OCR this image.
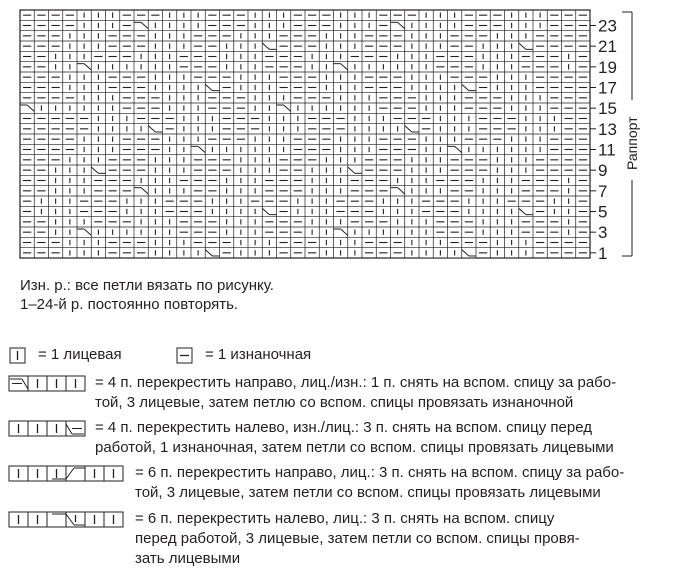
1
3
5
7
9
11
13
15
17
19
21
23
Раппорт
Изн. р.: все петли вязать по рисунку.
1–24-й р. постоянно повторять.
= 1 лицевая	= 1 изнаночная
= 4 п. перекрестить направо, лиц./изн.: 1 п. снять на вспом. спицу за рабо-
той, 3 лицевые, затем петлю со вспом. спицы провязать изнаночной
= 4 п. перекрестить налево, изн./лиц.: 3 п. снять на вспом. спицу перед
работой, 1 изнаночная, затем петли со вспом. спицы провязать лицевыми
= 6 п. перекрестить направо, лиц.: 3 п. снять на вспом. спицу за рабо-
той, 3 лицевые, затем петли со вспом. спицы провязать лицевыми
= 6 п. перекрестить налево, лиц.: 3 п. снять на вспом. спицу
перед работой, 3 лицевые, затем петли со вспом. спицы провя-
зать лицевыми
